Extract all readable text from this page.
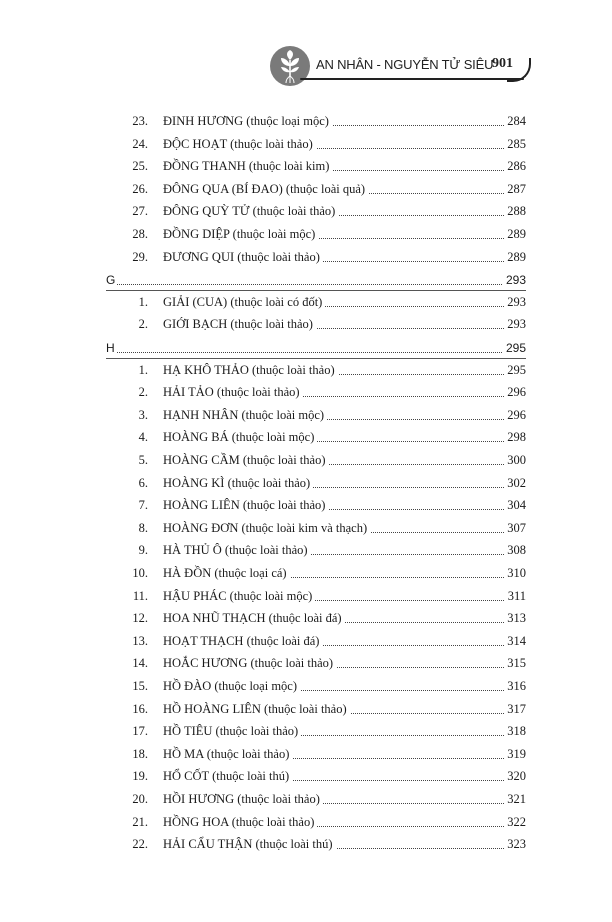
AN NHÂN - NGUYỄN TỬ SIÊU
901
23. ĐINH HƯƠNG (thuộc loại mộc)	284
24. ĐỘC HOẠT (thuộc loài thảo)	285
25. ĐỒNG THANH (thuộc loài kim)	286
26. ĐÔNG QUA (BÍ ĐAO) (thuộc loài quả)	287
27. ĐÔNG QUỲ TỬ (thuộc loài thảo)	288
28. ĐỒNG DIỆP (thuộc loài mộc)	289
29. ĐƯƠNG QUI (thuộc loài thảo)	289
G	293
1. GIẢI (CUA) (thuộc loài có đốt)	293
2. GIỚI BẠCH (thuộc loài thảo)	293
H	295
1. HẠ KHÔ THẢO (thuộc loài thảo)	295
2. HẢI TẢO (thuộc loài thảo)	296
3. HẠNH NHÂN (thuộc loài mộc)	296
4. HOÀNG BÁ (thuộc loài mộc)	298
5. HOÀNG CẦM (thuộc loài thảo)	300
6. HOÀNG KÌ (thuộc loài thảo)	302
7. HOÀNG LIÊN (thuộc loài thảo)	304
8. HOÀNG ĐƠN (thuộc loài kim và thạch)	307
9. HÀ THỦ Ô (thuộc loài thảo)	308
10. HÀ ĐỒN (thuộc loại cá)	310
11. HẬU PHÁC (thuộc loài mộc)	311
12. HOA NHŨ THẠCH (thuộc loài đá)	313
13. HOẠT THẠCH (thuộc loài đá)	314
14. HOẮC HƯƠNG (thuộc loài thảo)	315
15. HỒ ĐÀO (thuộc loại mộc)	316
16. HỒ HOÀNG LIÊN (thuộc loài thảo)	317
17. HỒ TIÊU (thuộc loài thảo)	318
18. HỒ MA (thuộc loài thảo)	319
19. HỔ CỐT (thuộc loài thú)	320
20. HỒI HƯƠNG (thuộc loài thảo)	321
21. HỒNG HOA (thuộc loài thảo)	322
22. HẢI CẨU THẬN (thuộc loài thú)	323
